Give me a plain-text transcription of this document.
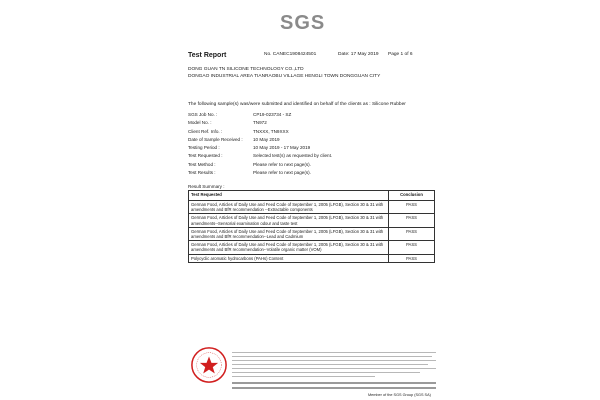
SGS
Test Report	No. CANEC1908424501	Date: 17 May 2019 Page 1 of 6
DONG GUAN TN SILICONE TECHNOLOGY CO.,LTD
DONGAO INDUSTRIAL AREA TIANRAOBU VILLAGE HENGLI TOWN DONGGUAN CITY
The following sample(s) was/were submitted and identified on behalf of the clients as : Silicone Rubber
SGS Job No. :	CP19-023734 - SZ
Model No. :	TN972
Client Ref. Info. :	TNXXX, TN9XXX
Date of Sample Received : 10 May 2019
Testing Period :	10 May 2019 - 17 May 2019
Test Requested :	Selected test(s) as requested by client.
Test Method :	Please refer to next page(s).
Test Results :	Please refer to next page(s).
Result Summary :
Test Requested	Conclusion
German Food, Articles of Daily Use and Feed Code of September 1, 2005 (LFGB), Section 30 & 31 with amendments and BfR recommendation --Extractable components	PASS
German Food, Articles of Daily Use and Feed Code of September 1, 2005 (LFGB), Section 30 & 31 with amendments--Sensorial examination odour and taste test	PASS
German Food, Articles of Daily Use and Feed Code of September 1, 2005 (LFGB), Section 30 & 31 with amendments and BfR recommendation--Lead and Cadmium	PASS
German Food, Articles of Daily Use and Feed Code of September 1, 2005 (LFGB), Section 30 & 31 with amendments and BfR recommendation--Volatile organic matter (VOM)	PASS
Polycyclic aromatic hydrocarbons (PAHs) Content	PASS
Member of the SGS Group (SGS SA)
